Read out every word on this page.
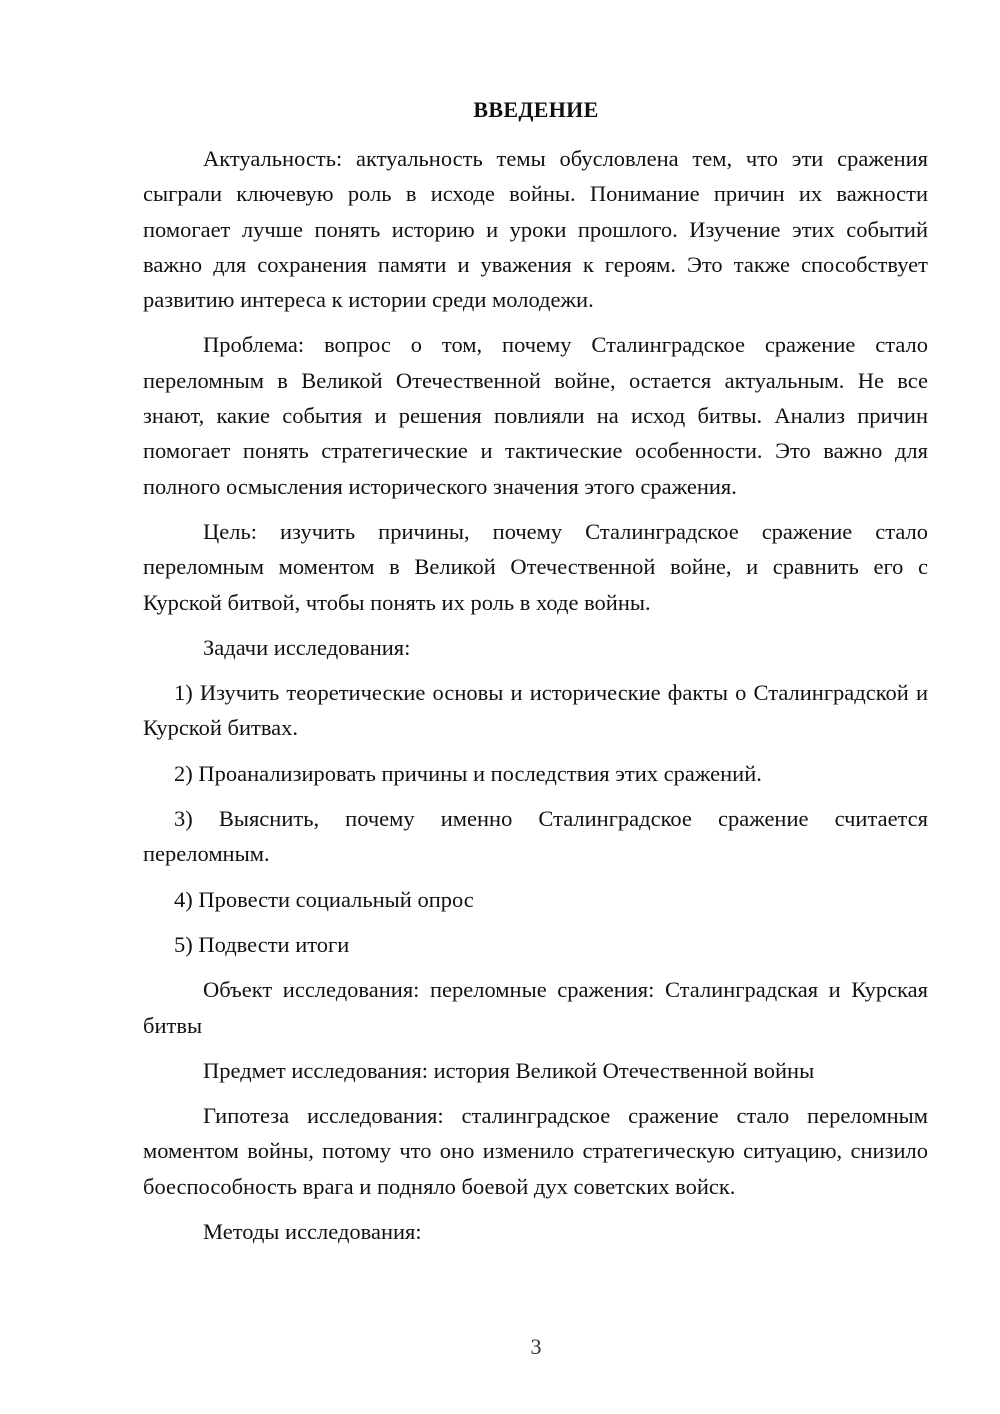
ВВЕДЕНИЕ

Актуальность: актуальность темы обусловлена тем, что эти сражения сыграли ключевую роль в исходе войны. Понимание причин их важности помогает лучше понять историю и уроки прошлого. Изучение этих событий важно для сохранения памяти и уважения к героям. Это также способствует развитию интереса к истории среди молодежи.

Проблема: вопрос о том, почему Сталинградское сражение стало переломным в Великой Отечественной войне, остается актуальным. Не все знают, какие события и решения повлияли на исход битвы. Анализ причин помогает понять стратегические и тактические особенности. Это важно для полного осмысления исторического значения этого сражения.

Цель: изучить причины, почему Сталинградское сражение стало переломным моментом в Великой Отечественной войне, и сравнить его с Курской битвой, чтобы понять их роль в ходе войны.

Задачи исследования:

1) Изучить теоретические основы и исторические факты о Сталинградской и Курской битвах.

2) Проанализировать причины и последствия этих сражений.

3) Выяснить, почему именно Сталинградское сражение считается переломным.

4) Провести социальный опрос

5) Подвести итоги

Объект исследования: переломные сражения: Сталинградская и Курская битвы

Предмет исследования: история Великой Отечественной войны

Гипотеза исследования: сталинградское сражение стало переломным моментом войны, потому что оно изменило стратегическую ситуацию, снизило боеспособность врага и подняло боевой дух советских войск.

Методы исследования:

3
